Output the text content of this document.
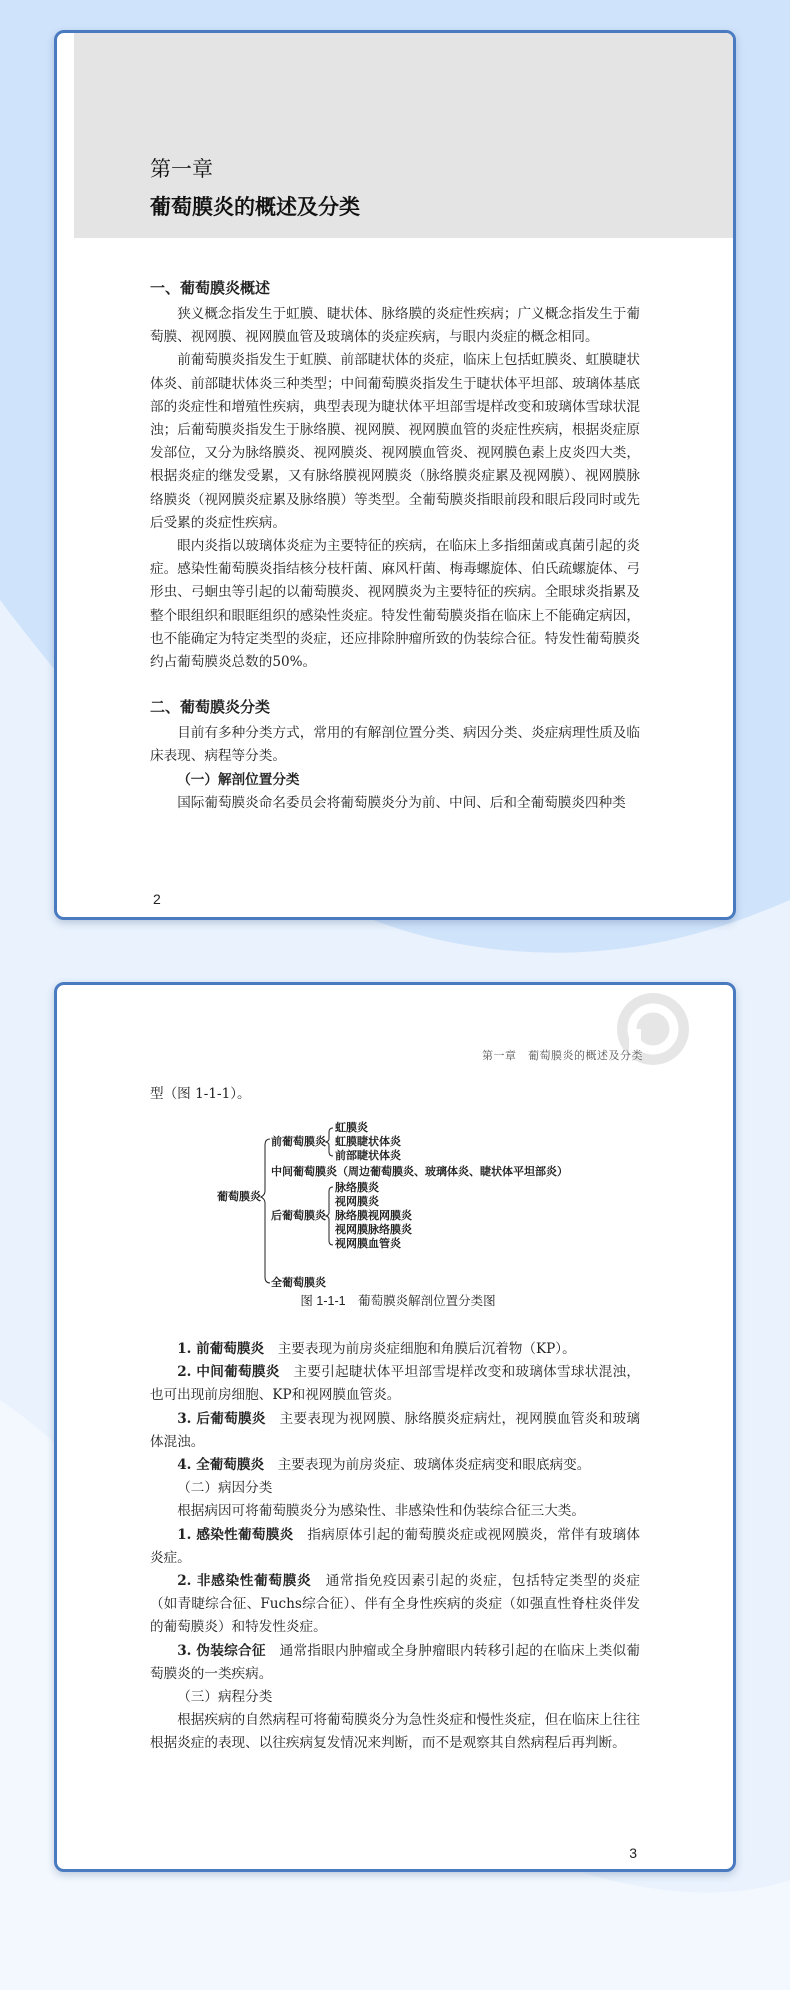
第一章
葡萄膜炎的概述及分类

一、葡萄膜炎概述

狭义概念指发生于虹膜、睫状体、脉络膜的炎症性疾病；广义概念指发生于葡萄膜、视网膜、视网膜血管及玻璃体的炎症疾病，与眼内炎症的概念相同。

前葡萄膜炎指发生于虹膜、前部睫状体的炎症，临床上包括虹膜炎、虹膜睫状体炎、前部睫状体炎三种类型；中间葡萄膜炎指发生于睫状体平坦部、玻璃体基底部的炎症性和增殖性疾病，典型表现为睫状体平坦部雪堤样改变和玻璃体雪球状混浊；后葡萄膜炎指发生于脉络膜、视网膜、视网膜血管的炎症性疾病，根据炎症原发部位，又分为脉络膜炎、视网膜炎、视网膜血管炎、视网膜色素上皮炎四大类，根据炎症的继发受累，又有脉络膜视网膜炎（脉络膜炎症累及视网膜）、视网膜脉络膜炎（视网膜炎症累及脉络膜）等类型。全葡萄膜炎指眼前段和眼后段同时或先后受累的炎症性疾病。

眼内炎指以玻璃体炎症为主要特征的疾病，在临床上多指细菌或真菌引起的炎症。感染性葡萄膜炎指结核分枝杆菌、麻风杆菌、梅毒螺旋体、伯氏疏螺旋体、弓形虫、弓蛔虫等引起的以葡萄膜炎、视网膜炎为主要特征的疾病。全眼球炎指累及整个眼组织和眼眶组织的感染性炎症。特发性葡萄膜炎指在临床上不能确定病因，也不能确定为特定类型的炎症，还应排除肿瘤所致的伪装综合征。特发性葡萄膜炎约占葡萄膜炎总数的50%。

二、葡萄膜炎分类

目前有多种分类方式，常用的有解剖位置分类、病因分类、炎症病理性质及临床表现、病程等分类。

（一）解剖位置分类

国际葡萄膜炎命名委员会将葡萄膜炎分为前、中间、后和全葡萄膜炎四种类

2
第一章　葡萄膜炎的概述及分类

型（图 1-1-1）。

葡萄膜炎
前葡萄膜炎
虹膜炎
虹膜睫状体炎
前部睫状体炎
中间葡萄膜炎（周边葡萄膜炎、玻璃体炎、睫状体平坦部炎）
后葡萄膜炎
脉络膜炎
视网膜炎
脉络膜视网膜炎
视网膜脉络膜炎
视网膜血管炎
全葡萄膜炎
图 1-1-1　葡萄膜炎解剖位置分类图

1. 前葡萄膜炎　 主要表现为前房炎症细胞和角膜后沉着物（KP）。

2. 中间葡萄膜炎　 主要引起睫状体平坦部雪堤样改变和玻璃体雪球状混浊，也可出现前房细胞、KP和视网膜血管炎。

3. 后葡萄膜炎　 主要表现为视网膜、脉络膜炎症病灶，视网膜血管炎和玻璃体混浊。

4. 全葡萄膜炎　 主要表现为前房炎症、玻璃体炎症病变和眼底病变。

（二）病因分类

根据病因可将葡萄膜炎分为感染性、非感染性和伪装综合征三大类。

1. 感染性葡萄膜炎　 指病原体引起的葡萄膜炎症或视网膜炎，常伴有玻璃体炎症。

2. 非感染性葡萄膜炎　 通常指免疫因素引起的炎症，包括特定类型的炎症（如青睫综合征、Fuchs综合征）、伴有全身性疾病的炎症（如强直性脊柱炎伴发的葡萄膜炎）和特发性炎症。

3. 伪装综合征　 通常指眼内肿瘤或全身肿瘤眼内转移引起的在临床上类似葡萄膜炎的一类疾病。

（三）病程分类

根据疾病的自然病程可将葡萄膜炎分为急性炎症和慢性炎症，但在临床上往往根据炎症的表现、以往疾病复发情况来判断，而不是观察其自然病程后再判断。

3
